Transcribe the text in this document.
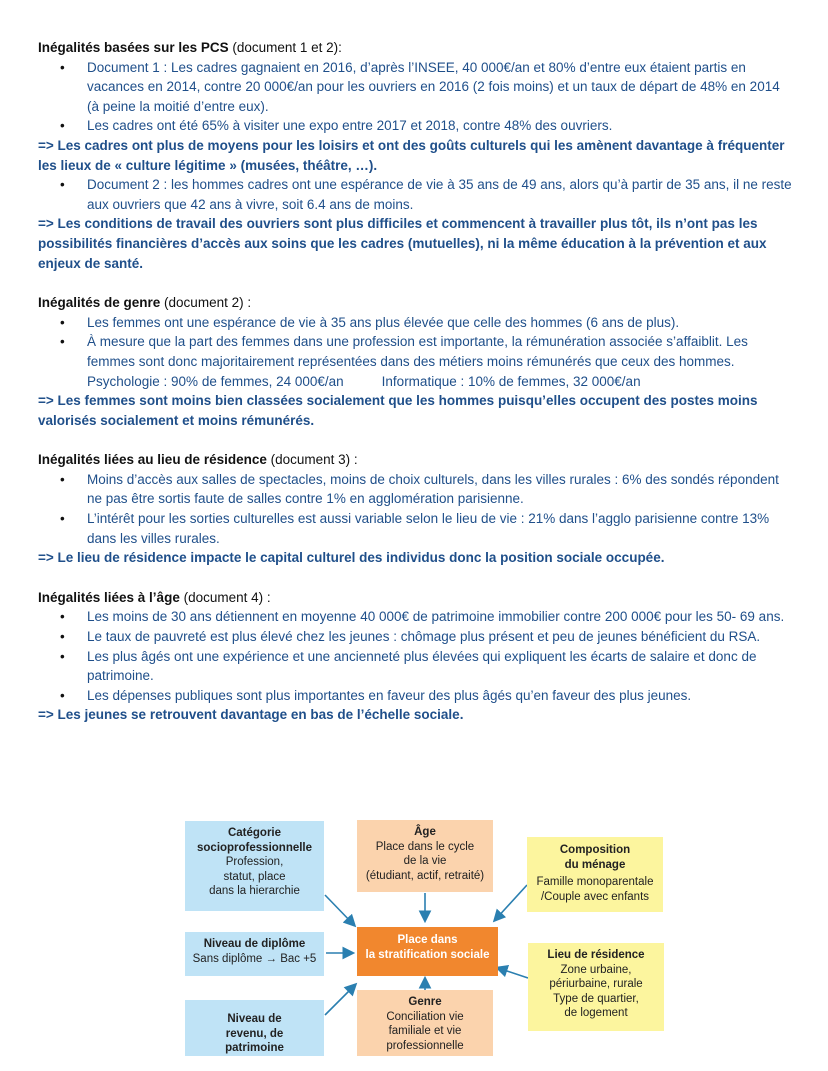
Inégalités basées sur les PCS (document 1 et 2):

• Document 1 : Les cadres gagnaient en 2016, d’après l’INSEE, 40 000€/an et 80% d’entre eux étaient partis en vacances en 2014, contre 20 000€/an pour les ouvriers en 2016 (2 fois moins) et un taux de départ de 48% en 2014 (à peine la moitié d’entre eux).
• Les cadres ont été 65% à visiter une expo entre 2017 et 2018, contre 48% des ouvriers.

=> Les cadres ont plus de moyens pour les loisirs et ont des goûts culturels qui les amènent davantage à fréquenter les lieux de « culture légitime » (musées, théâtre, …).

• Document 2 : les hommes cadres ont une espérance de vie à 35 ans de 49 ans, alors qu’à partir de 35 ans, il ne reste aux ouvriers que 42 ans à vivre, soit 6.4 ans de moins.

=> Les conditions de travail des ouvriers sont plus difficiles et commencent à travailler plus tôt, ils n’ont pas les possibilités financières d’accès aux soins que les cadres (mutuelles), ni la même éducation à la prévention et aux enjeux de santé.

Inégalités de genre (document 2) :

• Les femmes ont une espérance de vie à 35 ans plus élevée que celle des hommes (6 ans de plus).
• À mesure que la part des femmes dans une profession est importante, la rémunération associée s’affaiblit. Les femmes sont donc majoritairement représentées dans des métiers moins rémunérés que ceux des hommes.
Psychologie : 90% de femmes, 24 000€/an	Informatique : 10% de femmes, 32 000€/an

=> Les femmes sont moins bien classées socialement que les hommes puisqu’elles occupent des postes moins valorisés socialement et moins rémunérés.

Inégalités liées au lieu de résidence (document 3) :

• Moins d’accès aux salles de spectacles, moins de choix culturels, dans les villes rurales : 6% des sondés répondent ne pas être sortis faute de salles contre 1% en agglomération parisienne.
• L’intérêt pour les sorties culturelles est aussi variable selon le lieu de vie : 21% dans l’agglo parisienne contre 13% dans les villes rurales.

=> Le lieu de résidence impacte le capital culturel des individus donc la position sociale occupée.

Inégalités liées à l’âge (document 4) :

• Les moins de 30 ans détiennent en moyenne 40 000€ de patrimoine immobilier contre 200 000€ pour les 50- 69 ans.
• Le taux de pauvreté est plus élevé chez les jeunes : chômage plus présent et peu de jeunes bénéficient du RSA.
• Les plus âgés ont une expérience et une ancienneté plus élevées qui expliquent les écarts de salaire et donc de patrimoine.
• Les dépenses publiques sont plus importantes en faveur des plus âgés qu’en faveur des plus jeunes.

=> Les jeunes se retrouvent davantage en bas de l’échelle sociale.

Catégorie socioprofessionnelle
Profession,
statut, place
dans la hierarchie
Âge
Place dans le cycle
de la vie
(étudiant, actif, retraité)
Composition du ménage
Famille monoparentale
/Couple avec enfants
Niveau de diplôme
Sans diplôme → Bac +5
Place dans
la stratification sociale	Lieu de résidence
Zone urbaine,
périurbaine, rurale
Type de quartier,
de logement
Niveau de revenu, de patrimoine
Genre
Conciliation vie
familiale et vie
professionnelle
